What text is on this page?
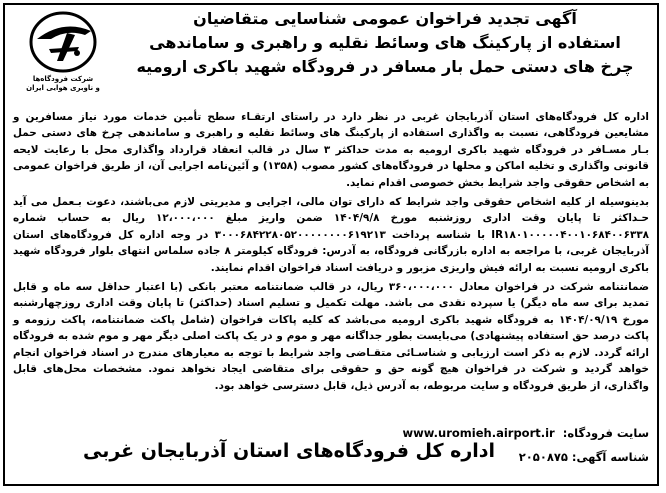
شرکت فرودگاه‌ها
و ناوبری هوایی ایران
آگهی تجدید فراخوان عمومی شناسایی متقاضیان
استفاده از پارکینگ های وسائط نقلیه و راهبری و ساماندهی
چرخ های دستی حمل بار مسافر در فرودگاه شهید باکری ارومیه

اداره کل فرودگاه‌های استان آذربایجان غربی در نظر دارد در راستای ارتقـاء سطح تأمین خدمات مورد نیاز مسافرین و مشایعین فرودگاهی، نسبت به واگذاری استفاده از پارکینگ های وسائط نقلیه و راهبری و ساماندهی چرخ های دستی حمل بـار مسـافر در فرودگاه شهید باکری ارومیه به مدت حداکثر ۳ سال در قالب انعقاد قرارداد واگذاری محل با رعایت لایحه قانونی واگذاری و تخلیه اماکن و محلها در فرودگاه‌های کشور مصوب (۱۳۵۸) و آئین‌نامه اجرایی آن، از طریق فراخوان عمومی به اشخاص حقوقی واجد شرایط بخش خصوصی اقدام نماید.

بدینوسیله از کلیه اشخاص حقوقی واجد شرایط که دارای توان مالی، اجرایی و مدیریتی لازم می‌باشند، دعوت بـعمل می آید حـداکثر تا پایان وقت اداری روزشنبه مورخ ۱۴۰۴/۹/۸ ضمن واریز مبلغ ۱۲،۰۰۰،۰۰۰ ریال به حساب شماره IR۱۸۰۱۰۰۰۰۰۴۰۰۱۰۶۸۴۰۰۶۳۳۸ با شناسه پرداخت ۳۰۰۰۶۸۴۲۲۸۰۵۲۰۰۰۰۰۰۰۰۶۱۹۲۱۳ در وجه اداره کل فرودگاه‌های استان آذربایجان غربی، با مراجعه به اداره بازرگانی فرودگاه، به آدرس: فرودگاه کیلومتر ۸ جاده سلماس انتهای بلوار فرودگاه شهید باکری ارومیه نسبت به ارائه فیش واریزی مزبور و دریافت اسناد فراخوان اقدام نمایند.

ضمانتنامه شرکت در فراخوان معادل ۳۶۰،۰۰۰،۰۰۰ ریال، در قالب ضمانتنامه معتبر بانکی (با اعتبار حداقل سه ماه و قابل تمدید برای سه ماه دیگر) یا سپرده نقدی می باشد. مهلت تکمیل و تسلیم اسناد (حداکثر) تا پایان وقت اداری روزچهارشنبه مورخ ۱۴۰۴/۰۹/۱۹ به فرودگاه شهید باکری ارومیه می‌باشد که کلیه پاکات فراخوان (شامل پاکت ضمانتنامه، پاکت رزومه و پاکت درصد حق استفاده پیشنهادی) می‌بایست بطور جداگانه مهر و موم و در یک پاکت اصلی دیگر مهر و موم شده به فرودگاه ارائه گردد. لازم به ذکر است ارزیابی و شناسـائی متقـاضی واجد شرایط با توجه به معیارهای مندرج در اسناد فراخوان انجام خواهد گردید و شرکت در فراخوان هیچ گونه حق و حقوقی برای متقاضی ایجاد نخواهد نمود. مشخصات محل‌های قابل واگذاری، از طریق فرودگاه و سایت مربوطه، به آدرس ذیل، قابل دسترسی خواهد بود.

سایت فرودگاه: www.uromieh.airport.ir
شناسه آگهی: ۲۰۵۰۸۷۵
اداره کل فرودگاه‌های استان آذربایجان غربی
